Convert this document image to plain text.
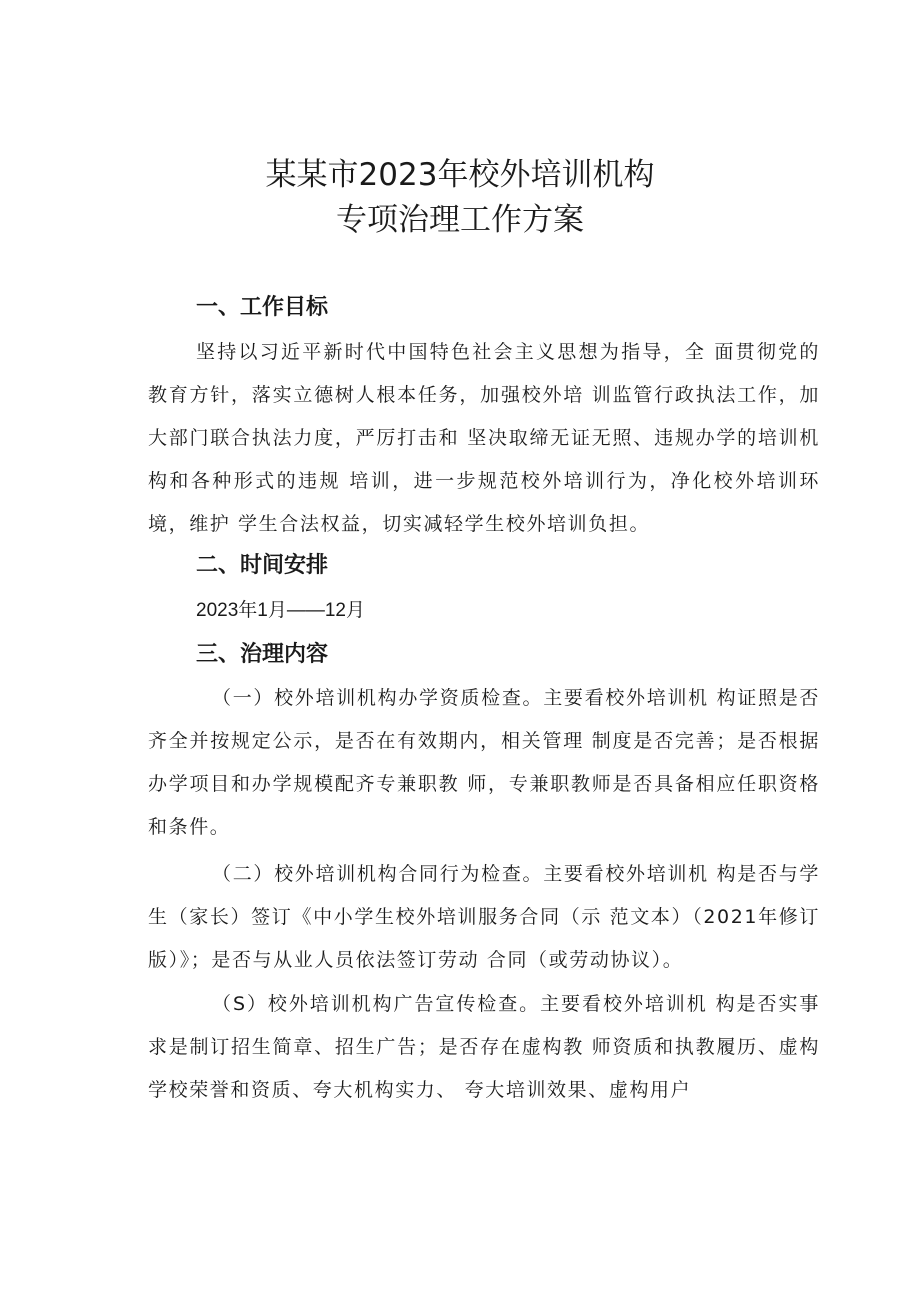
某某市2023年校外培训机构
专项治理工作方案
一、工作目标

坚持以习近平新时代中国特色社会主义思想为指导，全 面贯彻党的教育方针，落实立德树人根本任务，加强校外培 训监管行政执法工作，加大部门联合执法力度，严厉打击和 坚决取缔无证无照、违规办学的培训机构和各种形式的违规 培训，进一步规范校外培训行为，净化校外培训环境，维护 学生合法权益，切实减轻学生校外培训负担。

二、时间安排
2023年1月——12月
三、治理内容

（一）校外培训机构办学资质检查。主要看校外培训机 构证照是否齐全并按规定公示，是否在有效期内，相关管理 制度是否完善；是否根据办学项目和办学规模配齐专兼职教 师，专兼职教师是否具备相应任职资格和条件。

（二）校外培训机构合同行为检查。主要看校外培训机 构是否与学生（家长）签订《中小学生校外培训服务合同（示 范文本）（2021年修订版）》；是否与从业人员依法签订劳动 合同（或劳动协议）。

（S）校外培训机构广告宣传检查。主要看校外培训机 构是否实事求是制订招生简章、招生广告；是否存在虚构教 师资质和执教履历、虚构学校荣誉和资质、夸大机构实力、 夸大培训效果、虚构用户
